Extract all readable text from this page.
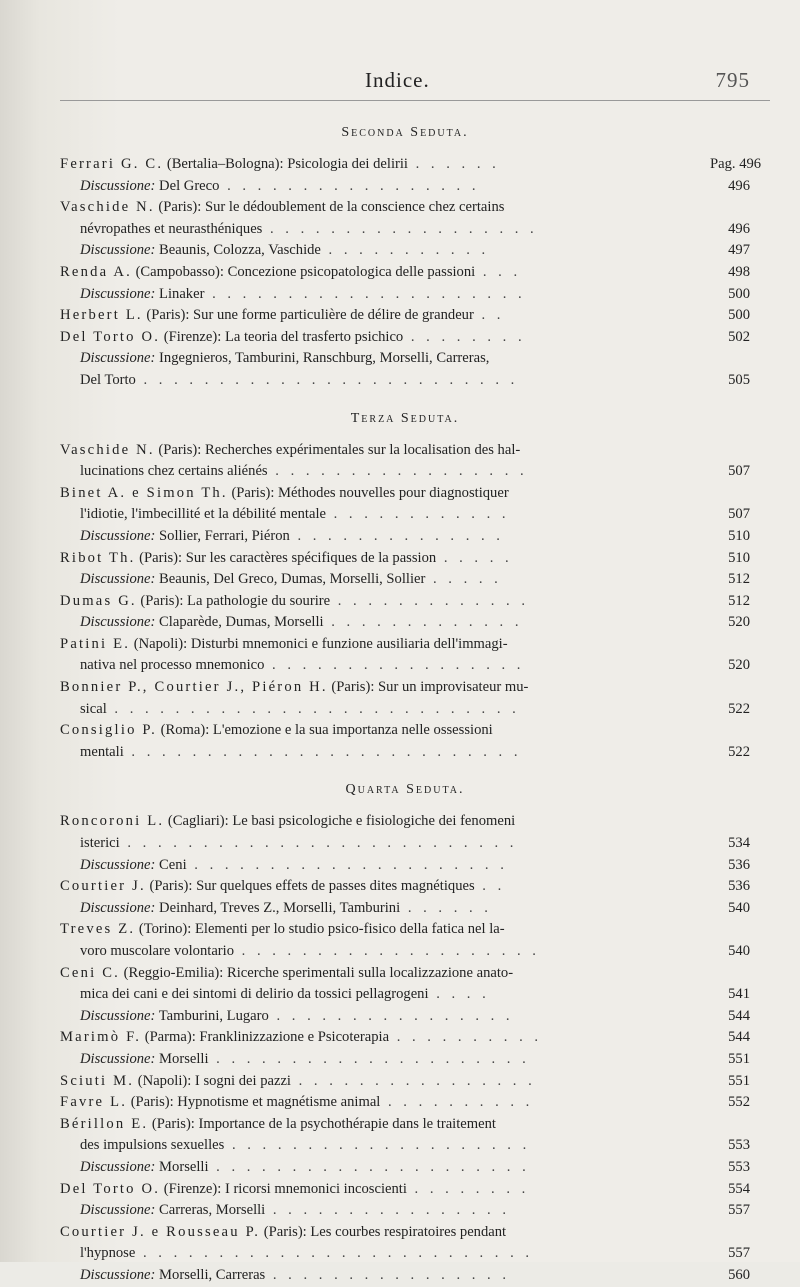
Indice.	795
Seconda Seduta.
Ferrari G. C. (Bertalia–Bologna): Psicologia dei delirii . . . . . .	Pag. 496
Discussione: Del Greco . . . . . . . . . . . . . . . . .	496
Vaschide N. (Paris): Sur le dédoublement de la conscience chez certains
névropathes et neurasthéniques . . . . . . . . . . . . . . . . . .	496
Discussione: Beaunis, Colozza, Vaschide . . . . . . . . . . .	497
Renda A. (Campobasso): Concezione psicopatologica delle passioni . . .	498
Discussione: Linaker . . . . . . . . . . . . . . . . . . . . .	500
Herbert L. (Paris): Sur une forme particulière de délire de grandeur . .	500
Del Torto O. (Firenze): La teoria del trasferto psichico . . . . . . . .	502
Discussione: Ingegnieros, Tamburini, Ranschburg, Morselli, Carreras,
Del Torto . . . . . . . . . . . . . . . . . . . . . . . . .	505
Terza Seduta.
Vaschide N. (Paris): Recherches expérimentales sur la localisation des hal-
lucinations chez certains aliénés . . . . . . . . . . . . . . . . .	507
Binet A. e Simon Th. (Paris): Méthodes nouvelles pour diagnostiquer
l'idiotie, l'imbecillité et la débilité mentale . . . . . . . . . . . .	507
Discussione: Sollier, Ferrari, Piéron . . . . . . . . . . . . . .	510
Ribot Th. (Paris): Sur les caractères spécifiques de la passion . . . . .	510
Discussione: Beaunis, Del Greco, Dumas, Morselli, Sollier . . . . .	512
Dumas G. (Paris): La pathologie du sourire . . . . . . . . . . . . .	512
Discussione: Claparède, Dumas, Morselli . . . . . . . . . . . . .	520
Patini E. (Napoli): Disturbi mnemonici e funzione ausiliaria dell'immagi-
nativa nel processo mnemonico . . . . . . . . . . . . . . . . .	520
Bonnier P., Courtier J., Piéron H. (Paris): Sur un improvisateur mu-
sical . . . . . . . . . . . . . . . . . . . . . . . . . . .	522
Consiglio P. (Roma): L'emozione e la sua importanza nelle ossessioni
mentali . . . . . . . . . . . . . . . . . . . . . . . . . .	522
Quarta Seduta.
Roncoroni L. (Cagliari): Le basi psicologiche e fisiologiche dei fenomeni
isterici . . . . . . . . . . . . . . . . . . . . . . . . . .	534
Discussione: Ceni . . . . . . . . . . . . . . . . . . . . .	536
Courtier J. (Paris): Sur quelques effets de passes dites magnétiques . .	536
Discussione: Deinhard, Treves Z., Morselli, Tamburini . . . . . .	540
Treves Z. (Torino): Elementi per lo studio psico-fisico della fatica nel la-
voro muscolare volontario . . . . . . . . . . . . . . . . . . . .	540
Ceni C. (Reggio-Emilia): Ricerche sperimentali sulla localizzazione anato-
mica dei cani e dei sintomi di delirio da tossici pellagrogeni . . . .	541
Discussione: Tamburini, Lugaro . . . . . . . . . . . . . . . .	544
Marimò F. (Parma): Franklinizzazione e Psicoterapia . . . . . . . . . .	544
Discussione: Morselli . . . . . . . . . . . . . . . . . . . . .	551
Sciuti M. (Napoli): I sogni dei pazzi . . . . . . . . . . . . . . . .	551
Favre L. (Paris): Hypnotisme et magnétisme animal . . . . . . . . . .	552
Bérillon E. (Paris): Importance de la psychothérapie dans le traitement
des impulsions sexuelles . . . . . . . . . . . . . . . . . . . .	553
Discussione: Morselli . . . . . . . . . . . . . . . . . . . . .	553
Del Torto O. (Firenze): I ricorsi mnemonici incoscienti . . . . . . . .	554
Discussione: Carreras, Morselli . . . . . . . . . . . . . . . .	557
Courtier J. e Rousseau P. (Paris): Les courbes respiratoires pendant
l'hypnose . . . . . . . . . . . . . . . . . . . . . . . . . .	557
Discussione: Morselli, Carreras . . . . . . . . . . . . . . . .	560
